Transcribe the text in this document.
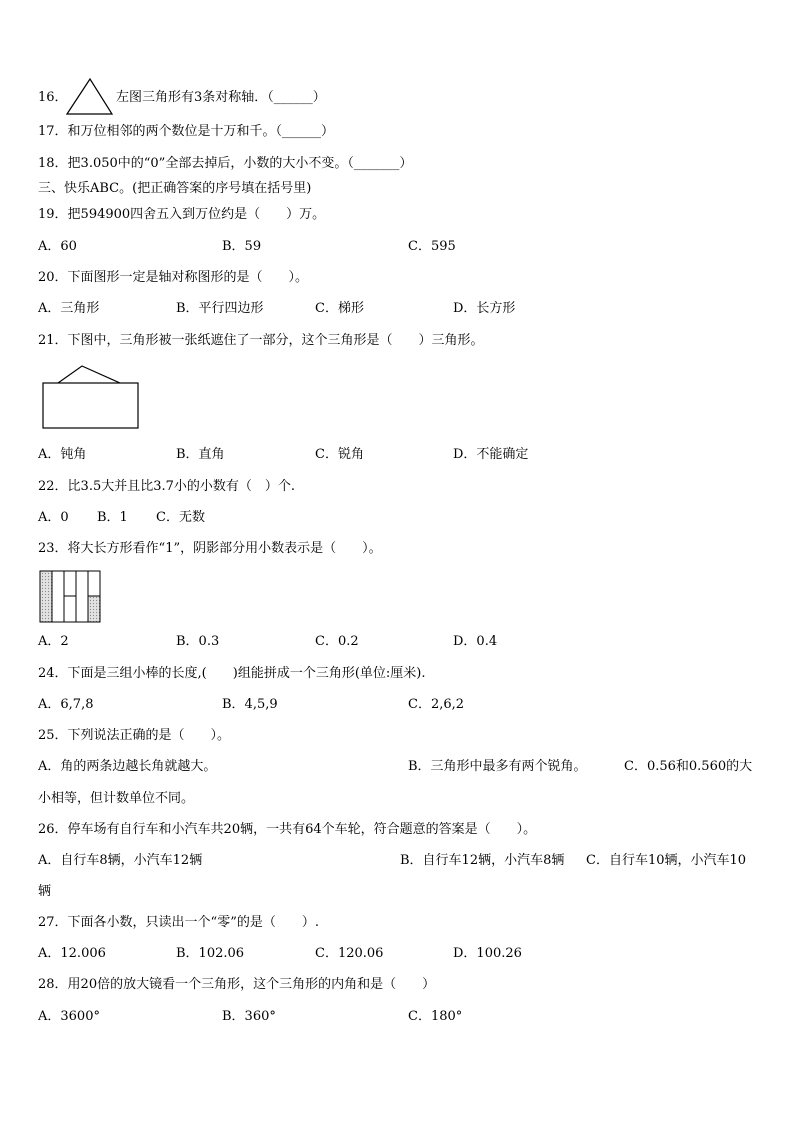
16．	左图三角形有3条对称轴．（______）
17．和万位相邻的两个数位是十万和千。（______）
18．把3.050中的“0”全部去掉后，小数的大小不变。（_______）
三、快乐ABC。(把正确答案的序号填在括号里)
19．把594900四舍五入到万位约是（　　）万。
A．60	B．59	C．595
20．下面图形一定是轴对称图形的是（　　）。
A．三角形	B．平行四边形	C．梯形	D．长方形
21．下图中，三角形被一张纸遮住了一部分，这个三角形是（　　）三角形。
A．钝角	B．直角	C．锐角	D．不能确定
22．比3.5大并且比3.7小的小数有（　）个.
A．0 B．1 C．无数
23．将大长方形看作“1”，阴影部分用小数表示是（　　）。
A．2	B．0.3	C．0.2	D．0.4
24．下面是三组小棒的长度,(　　)组能拼成一个三角形(单位:厘米).
A．6,7,8	B．4,5,9	C．2,6,2
25．下列说法正确的是（　　）。
A．角的两条边越长角就越大。	B．三角形中最多有两个锐角。	C．0.56和0.560的大
小相等，但计数单位不同。
26．停车场有自行车和小汽车共20辆，一共有64个车轮，符合题意的答案是（　　）。
A．自行车8辆，小汽车12辆	B．自行车12辆，小汽车8辆 C．自行车10辆，小汽车10
辆
27．下面各小数，只读出一个“零”的是（　　）.
A．12.006	B．102.06	C．120.06	D．100.26
28．用20倍的放大镜看一个三角形，这个三角形的内角和是（　　）
A．3600°	B．360°	C．180°
